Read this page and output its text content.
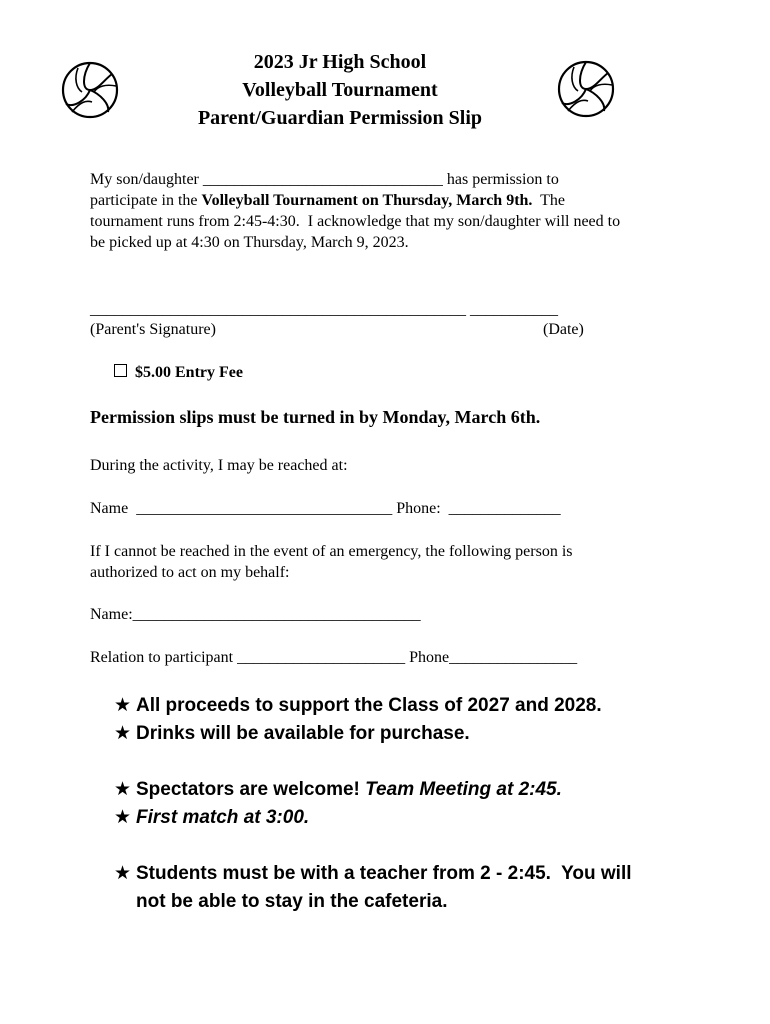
2023 Jr High School
Volleyball Tournament
Parent/Guardian Permission Slip
My son/daughter ______________________________ has permission to
participate in the Volleyball Tournament on Thursday, March 9th.  The
tournament runs from 2:45-4:30.  I acknowledge that my son/daughter will need to
be picked up at 4:30 on Thursday, March 9, 2023.
_______________________________________________ ___________
(Parent's Signature)	(Date)
$5.00 Entry Fee
Permission slips must be turned in by Monday, March 6th.
During the activity, I may be reached at:
Name  ________________________________ Phone:  ______________
If I cannot be reached in the event of an emergency, the following person is
authorized to act on my behalf:
Name:____________________________________
Relation to participant _____________________ Phone________________
★ All proceeds to support the Class of 2027 and 2028.
★ Drinks will be available for purchase.
★ Spectators are welcome! Team Meeting at 2:45.
★ First match at 3:00.
★ Students must be with a teacher from 2 - 2:45.  You will
not be able to stay in the cafeteria.
